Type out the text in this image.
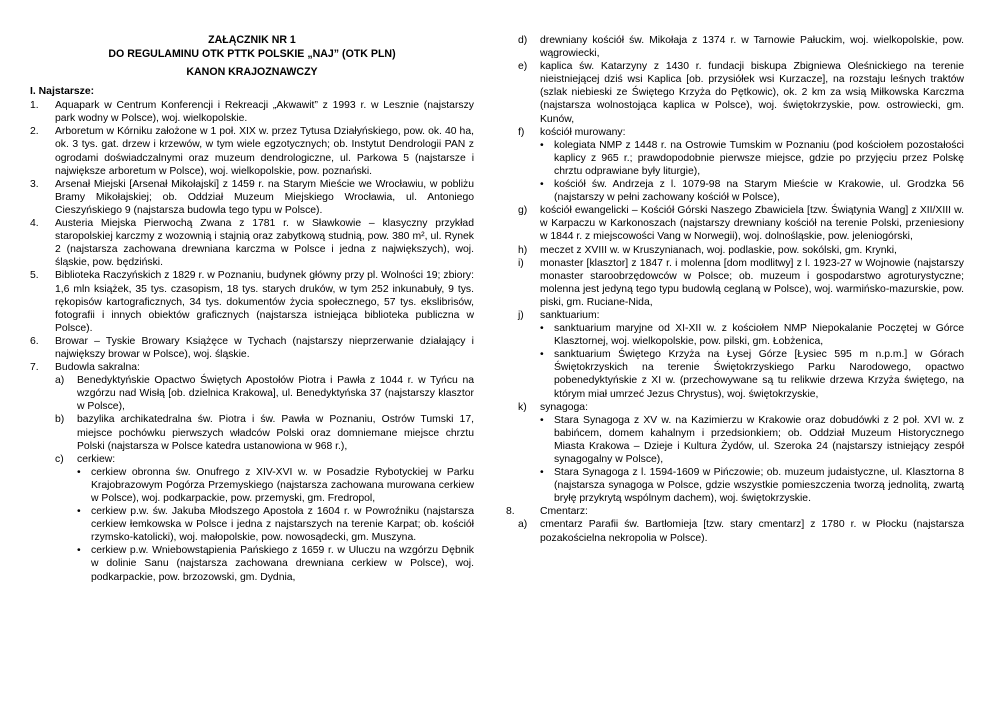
ZAŁĄCZNIK NR 1
DO REGULAMINU OTK PTTK POLSKIE „NAJ” (OTK PLN)
KANON KRAJOZNAWCZY
I. Najstarsze:
1.	Aquapark w Centrum Konferencji i Rekreacji „Akwawit” z 1993 r. w Lesznie (najstarszy park wodny w Polsce), woj. wielkopolskie.
2.	Arboretum w Kórniku założone w 1 poł. XIX w. przez Tytusa Działyńskiego, pow. ok. 40 ha, ok. 3 tys. gat. drzew i krzewów, w tym wiele egzotycznych; ob. Instytut Dendrologii PAN z ogrodami doświadczalnymi oraz muzeum dendrologiczne, ul. Parkowa 5 (najstarsze i największe arboretum w Polsce), woj. wielkopolskie, pow. poznański.
3.	Arsenał Miejski [Arsenał Mikołajski] z 1459 r. na Starym Mieście we Wrocławiu, w pobliżu Bramy Mikołajskiej; ob. Oddział Muzeum Miejskiego Wrocławia, ul. Antoniego Cieszyńskiego 9 (najstarsza budowla tego typu w Polsce).
4.	Austeria Miejska Pierwochą Zwana z 1781 r. w Sławkowie – klasyczny przykład staropolskiej karczmy z wozownią i stajnią oraz zabytkową studnią, pow. 380 m², ul. Rynek 2 (najstarsza zachowana drewniana karczma w Polsce i jedna z największych), woj. śląskie, pow. będziński.
5.	Biblioteka Raczyńskich z 1829 r. w Poznaniu, budynek główny przy pl. Wolności 19; zbiory: 1,6 mln książek, 35 tys. czasopism, 18 tys. starych druków, w tym 252 inkunabuły, 9 tys. rękopisów kartograficznych, 34 tys. dokumentów życia społecznego, 57 tys. ekslibrisów, fotografii i innych obiektów graficznych (najstarsza istniejąca biblioteka publiczna w Polsce).
6.	Browar – Tyskie Browary Książęce w Tychach (najstarszy nieprzerwanie działający i największy browar w Polsce), woj. śląskie.
7.	Budowla sakralna:
a)	Benedyktyńskie Opactwo Świętych Apostołów Piotra i Pawła z 1044 r. w Tyńcu na wzgórzu nad Wisłą [ob. dzielnica Krakowa], ul. Benedyktyńska 37 (najstarszy klasztor w Polsce),
b)	bazylika archikatedralna św. Piotra i św. Pawła w Poznaniu, Ostrów Tumski 17, miejsce pochówku pierwszych władców Polski oraz domniemane miejsce chrztu Polski (najstarsza w Polsce katedra ustanowiona w 968 r.),
c)	cerkiew:
• cerkiew obronna św. Onufrego z XIV-XVI w. w Posadzie Rybotyckiej w Parku Krajobrazowym Pogórza Przemyskiego (najstarsza zachowana murowana cerkiew w Polsce), woj. podkarpackie, pow. przemyski, gm. Fredropol,
• cerkiew p.w. św. Jakuba Młodszego Apostoła z 1604 r. w Powroźniku (najstarsza cerkiew łemkowska w Polsce i jedna z najstarszych na terenie Karpat; ob. kościół rzymsko-katolicki), woj. małopolskie, pow. nowosądecki, gm. Muszyna.
• cerkiew p.w. Wniebowstąpienia Pańskiego z 1659 r. w Uluczu na wzgórzu Dębnik w dolinie Sanu (najstarsza zachowana drewniana cerkiew w Polsce), woj. podkarpackie, pow. brzozowski, gm. Dydnia,
d)	drewniany kościół św. Mikołaja z 1374 r. w Tarnowie Pałuckim, woj. wielkopolskie, pow. wągrowiecki,
e)	kaplica św. Katarzyny z 1430 r. fundacji biskupa Zbigniewa Oleśnickiego na terenie nieistniejącej dziś wsi Kaplica [ob. przysiółek wsi Kurzacze], na rozstaju leśnych traktów (szlak niebieski ze Świętego Krzyża do Pętkowic), ok. 2 km za wsią Miłkowska Karczma (najstarsza wolnostojąca kaplica w Polsce), woj. świętokrzyskie, pow. ostrowiecki, gm. Kunów,
f)	kościół murowany:
• kolegiata NMP z 1448 r. na Ostrowie Tumskim w Poznaniu (pod kościołem pozostałości kaplicy z 965 r.; prawdopodobnie pierwsze miejsce, gdzie po przyjęciu przez Polskę chrztu odprawiane były liturgie),
• kościół św. Andrzeja z l. 1079-98 na Starym Mieście w Krakowie, ul. Grodzka 56 (najstarszy w pełni zachowany kościół w Polsce),
g)	kościół ewangelicki – Kościół Górski Naszego Zbawiciela [tzw. Świątynia Wang] z XII/XIII w. w Karpaczu w Karkonoszach (najstarszy drewniany kościół na terenie Polski, przeniesiony w 1844 r. z miejscowości Vang w Norwegii), woj. dolnośląskie, pow. jeleniogórski,
h)	meczet z XVIII w. w Kruszynianach, woj. podlaskie, pow. sokólski, gm. Krynki,
i)	monaster [klasztor] z 1847 r. i molenna [dom modlitwy] z l. 1923-27 w Wojnowie (najstarszy monaster staroobrzędowców w Polsce; ob. muzeum i gospodarstwo agroturystyczne; molenna jest jedyną tego typu budowlą ceglaną w Polsce), woj. warmińsko-mazurskie, pow. piski, gm. Ruciane-Nida,
j)	sanktuarium:
• sanktuarium maryjne od XI-XII w. z kościołem NMP Niepokalanie Poczętej w Górce Klasztornej, woj. wielkopolskie, pow. pilski, gm. Łobżenica,
• sanktuarium Świętego Krzyża na Łysej Górze [Łysiec 595 m n.p.m.] w Górach Świętokrzyskich na terenie Świętokrzyskiego Parku Narodowego, opactwo pobenedyktyńskie z XI w. (przechowywane są tu relikwie drzewa Krzyża świętego, na którym miał umrzeć Jezus Chrystus), woj. świętokrzyskie,
k)	synagoga:
• Stara Synagoga z XV w. na Kazimierzu w Krakowie oraz dobudówki z 2 poł. XVI w. z babińcem, domem kahalnym i przedsionkiem; ob. Oddział Muzeum Historycznego Miasta Krakowa – Dzieje i Kultura Żydów, ul. Szeroka 24 (najstarszy istniejący zespół synagogalny w Polsce),
• Stara Synagoga z l. 1594-1609 w Pińczowie; ob. muzeum judaistyczne, ul. Klasztorna 8 (najstarsza synagoga w Polsce, gdzie wszystkie pomieszczenia tworzą jednolitą, zwartą bryłę przykrytą wspólnym dachem), woj. świętokrzyskie.
8.	Cmentarz:
a)	cmentarz Parafii św. Bartłomieja [tzw. stary cmentarz] z 1780 r. w Płocku (najstarsza pozakościelna nekropolia w Polsce).
